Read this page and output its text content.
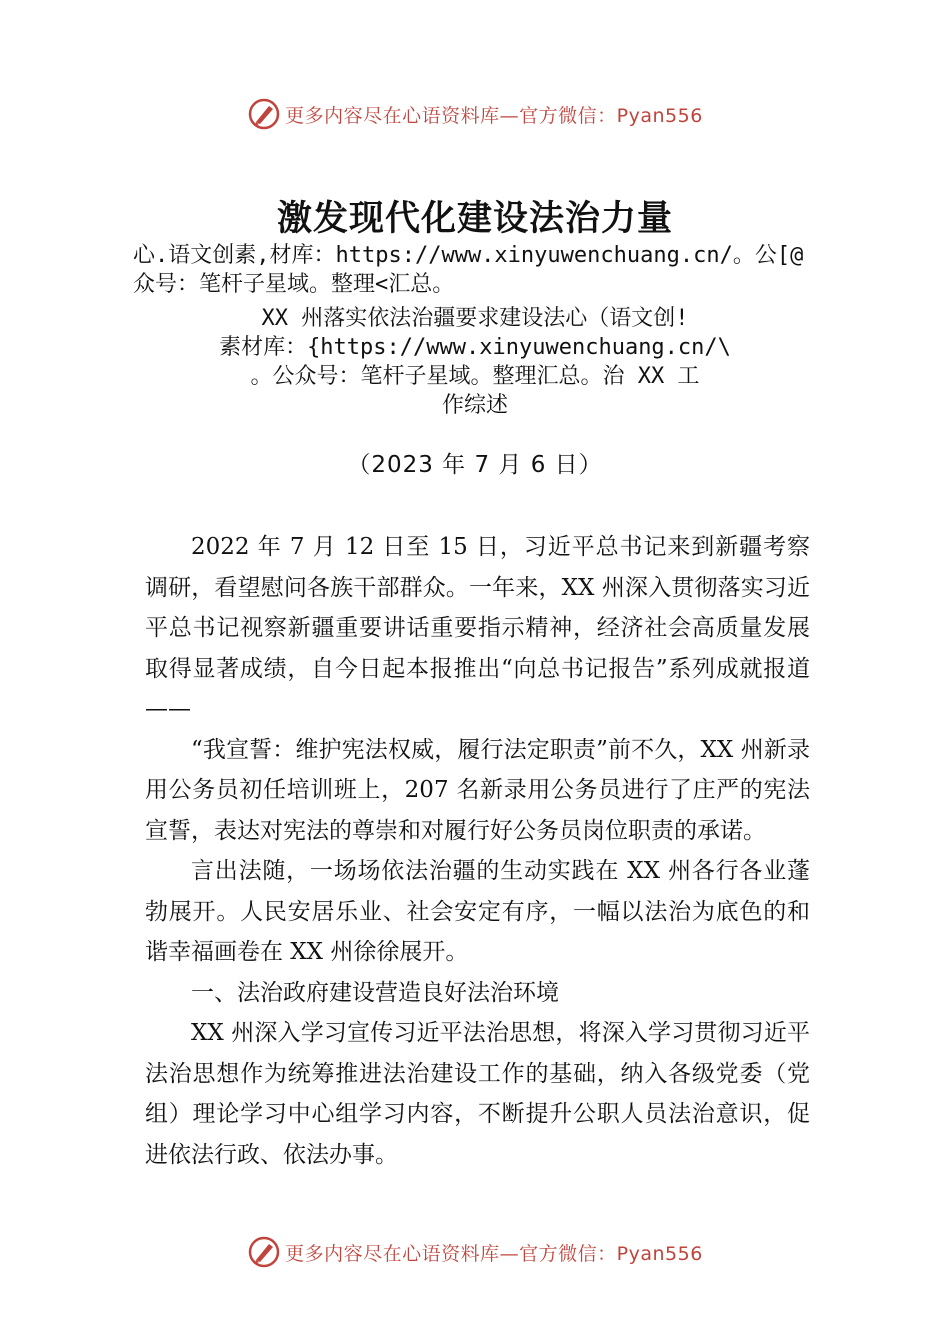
更多内容尽在心语资料库—官方微信：Pyan556
激发现代化建设法治力量
心.语文创素,材库：https://www.xinyuwenchuang.cn/。公[@
众号：笔杆子星域。整理<汇总。
XX 州落实依法治疆要求建设法心（语文创!
素材库：{https://www.xinyuwenchuang.cn/\
。公众号：笔杆子星域。整理汇总。治 XX 工
作综述
（2023 年 7 月 6 日）

2022 年 7 月 12 日至 15 日，习近平总书记来到新疆考察调研，看望慰问各族干部群众。一年来，XX 州深入贯彻落实习近平总书记视察新疆重要讲话重要指示精神，经济社会高质量发展取得显著成绩，自今日起本报推出“向总书记报告”系列成就报道——

“我宣誓：维护宪法权威，履行法定职责”前不久，XX 州新录用公务员初任培训班上，207 名新录用公务员进行了庄严的宪法宣誓，表达对宪法的尊崇和对履行好公务员岗位职责的承诺。

言出法随，一场场依法治疆的生动实践在 XX 州各行各业蓬勃展开。人民安居乐业、社会安定有序，一幅以法治为底色的和谐幸福画卷在 XX 州徐徐展开。

一、法治政府建设营造良好法治环境

XX 州深入学习宣传习近平法治思想，将深入学习贯彻习近平法治思想作为统筹推进法治建设工作的基础，纳入各级党委（党组）理论学习中心组学习内容，不断提升公职人员法治意识，促进依法行政、依法办事。

更多内容尽在心语资料库—官方微信：Pyan556
